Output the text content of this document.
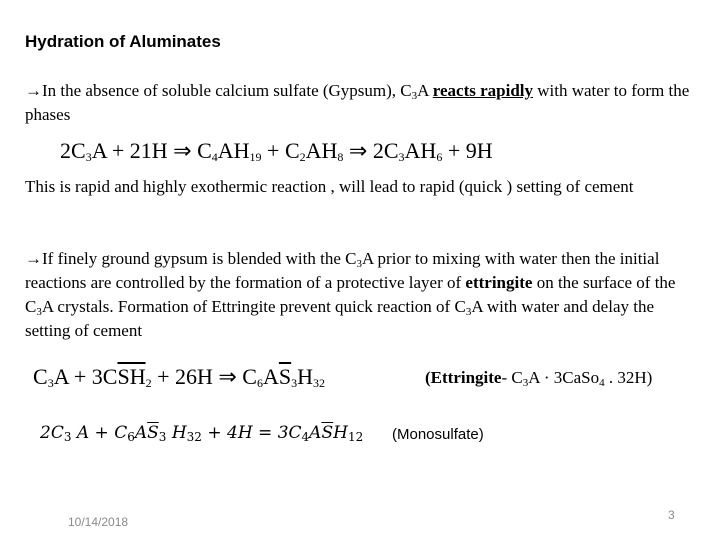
Hydration of Aluminates
→In the absence of soluble calcium sulfate (Gypsum), $C_3A$ reacts rapidly with water to form the phases
$2C_3A + 21H$ ⇒ $C_4AH_{19} + C_2AH_8$ ⇒ $2C_3AH_6 + 9H$
This is rapid and highly exothermic reaction , will lead to rapid (quick ) setting of cement
→If finely ground gypsum is blended with the $C_3A$ prior to mixing with water then the initial reactions are controlled by the formation of a protective layer of ettringite on the surface of the $C_3A$ crystals. Formation of Ettringite prevent quick reaction of $C_3A$ with water and delay the setting of cement
$C_3A + 3C\overline{SH}_2 + 26H$ ⇒ $C_6A\overline{S}_3H_{32}$	(Ettringite- $C_3A$ · 3CaSo$_4$ . 32H)
$2C_3$ $A + C_6A\overline{S}_3$ $H_{32} + 4H = 3C_4A\overline{S}H_{12}$ (Monosulfate)
10/14/2018	3
